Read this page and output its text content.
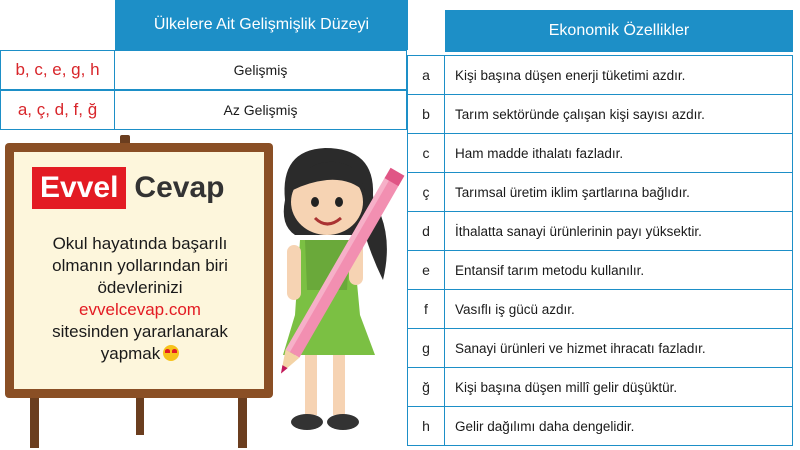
Ülkelere Ait Gelişmişlik Düzeyi
b, c, e, g, h	Gelişmiş
a, ç, d, f, ğ	Az Gelişmiş
Ekonomik Özellikler
a	Kişi başına düşen enerji tüketimi azdır.
b	Tarım sektöründe çalışan kişi sayısı azdır.
c	Ham madde ithalatı fazladır.
ç	Tarımsal üretim iklim şartlarına bağlıdır.
d	İthalatta sanayi ürünlerinin payı yüksektir.
e	Entansif tarım metodu kullanılır.
f	Vasıflı iş gücü azdır.
g	Sanayi ürünleri ve hizmet ihracatı fazladır.
ğ	Kişi başına düşen millî gelir düşüktür.
h	Gelir dağılımı daha dengelidir.
Evvel Cevap
Okul hayatında başarılı
olmanın yollarından biri
ödevlerinizi
evvelcevap.com
sitesinden yararlanarak
yapmak
